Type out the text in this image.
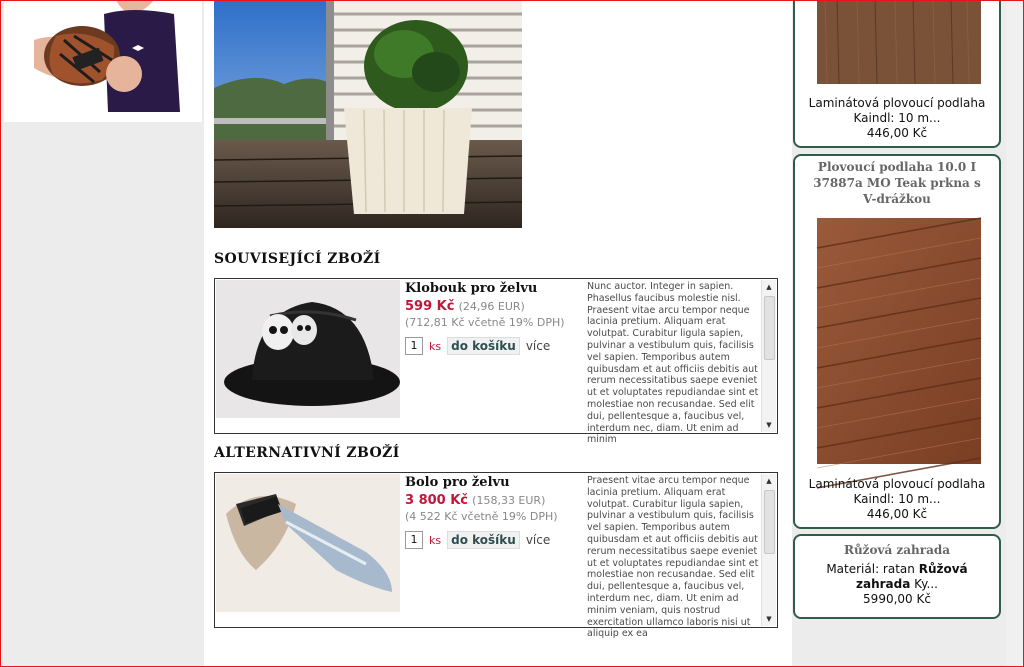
SOUVISEJÍCÍ ZBOŽÍ

Klobouk pro želvu

599 Kč (24,96 EUR)
(712,81 Kč včetně 19% DPH)
1	ks do košíku více
Nunc auctor. Integer in sapien. Phasellus faucibus molestie nisl. Praesent vitae arcu tempor neque lacinia pretium. Aliquam erat volutpat. Curabitur ligula sapien, pulvinar a vestibulum quis, facilisis vel sapien. Temporibus autem quibusdam et aut officiis debitis aut rerum necessitatibus saepe eveniet ut et voluptates repudiandae sint et molestiae non recusandae. Sed elit dui, pellentesque a, faucibus vel, interdum nec, diam. Ut enim ad minim
▲
▼
ALTERNATIVNÍ ZBOŽÍ

Bolo pro želvu

3 800 Kč (158,33 EUR)
(4 522 Kč včetně 19% DPH)
1	ks do košíku více
Praesent vitae arcu tempor neque lacinia pretium. Aliquam erat volutpat. Curabitur ligula sapien, pulvinar a vestibulum quis, facilisis vel sapien. Temporibus autem quibusdam et aut officiis debitis aut rerum necessitatibus saepe eveniet ut et voluptates repudiandae sint et molestiae non recusandae. Sed elit dui, pellentesque a, faucibus vel, interdum nec, diam. Ut enim ad minim veniam, quis nostrud exercitation ullamco laboris nisi ut aliquip ex ea
▲
▼
Laminátová plovoucí podlaha
Kaindl: 10 m...
446,00 Kč
Plovoucí podlaha 10.0 I 37887a MO Teak prkna s V-drážkou
Laminátová plovoucí podlaha
Kaindl: 10 m...
446,00 Kč
Růžová zahrada
Materiál: ratan Růžová zahrada Ky...
5990,00 Kč
